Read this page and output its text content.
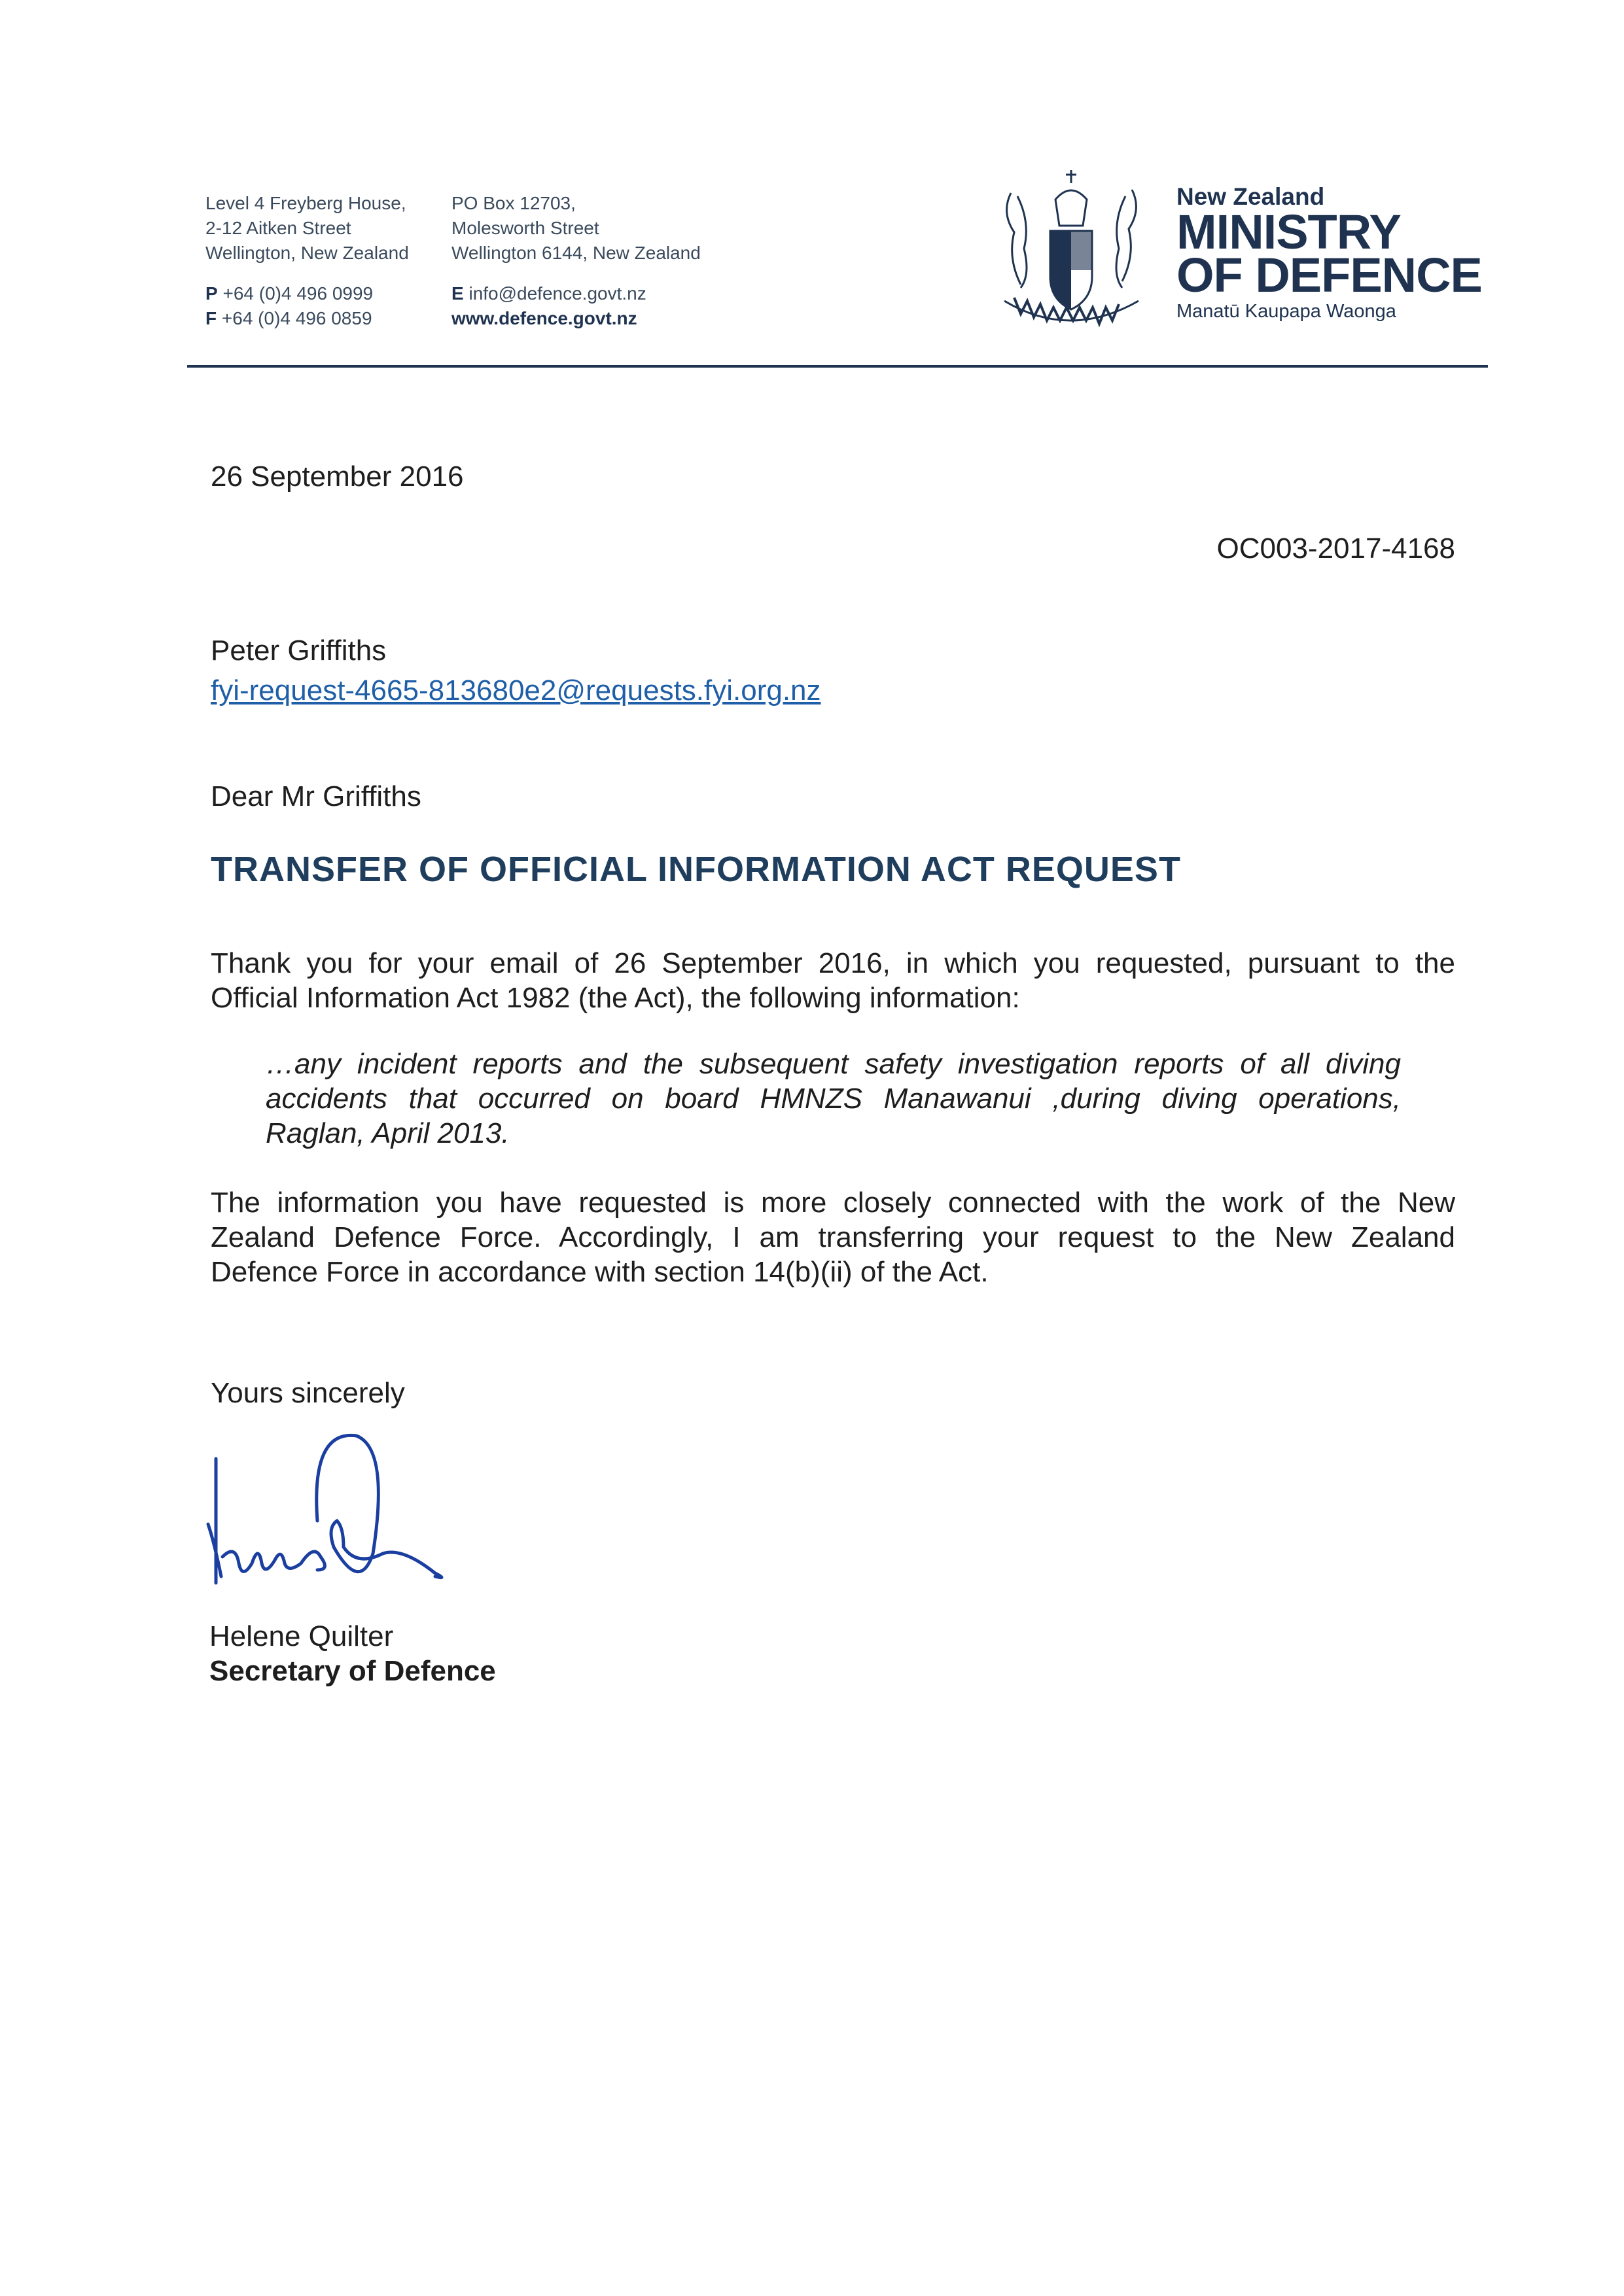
Level 4 Freyberg House,
2-12 Aitken Street
Wellington, New Zealand
P +64 (0)4 496 0999
F +64 (0)4 496 0859
PO Box 12703,
Molesworth Street
Wellington 6144, New Zealand
E info@defence.govt.nz
www.defence.govt.nz
New Zealand
MINISTRY
OF DEFENCE
Manatū Kaupapa Waonga
26 September 2016
OC003-2017-4168
Peter Griffiths
fyi-request-4665-813680e2@requests.fyi.org.nz
Dear Mr Griffiths
TRANSFER OF OFFICIAL INFORMATION ACT REQUEST
Thank you for your email of 26 September 2016, in which you requested, pursuant to the
Official Information Act 1982 (the Act), the following information:
…any incident reports and the subsequent safety investigation reports of all diving
accidents that occurred on board HMNZS Manawanui ,during diving operations,
Raglan, April 2013.
The information you have requested is more closely connected with the work of the New
Zealand Defence Force. Accordingly, I am transferring your request to the New Zealand
Defence Force in accordance with section 14(b)(ii) of the Act.
Yours sincerely
Helene Quilter
Secretary of Defence
